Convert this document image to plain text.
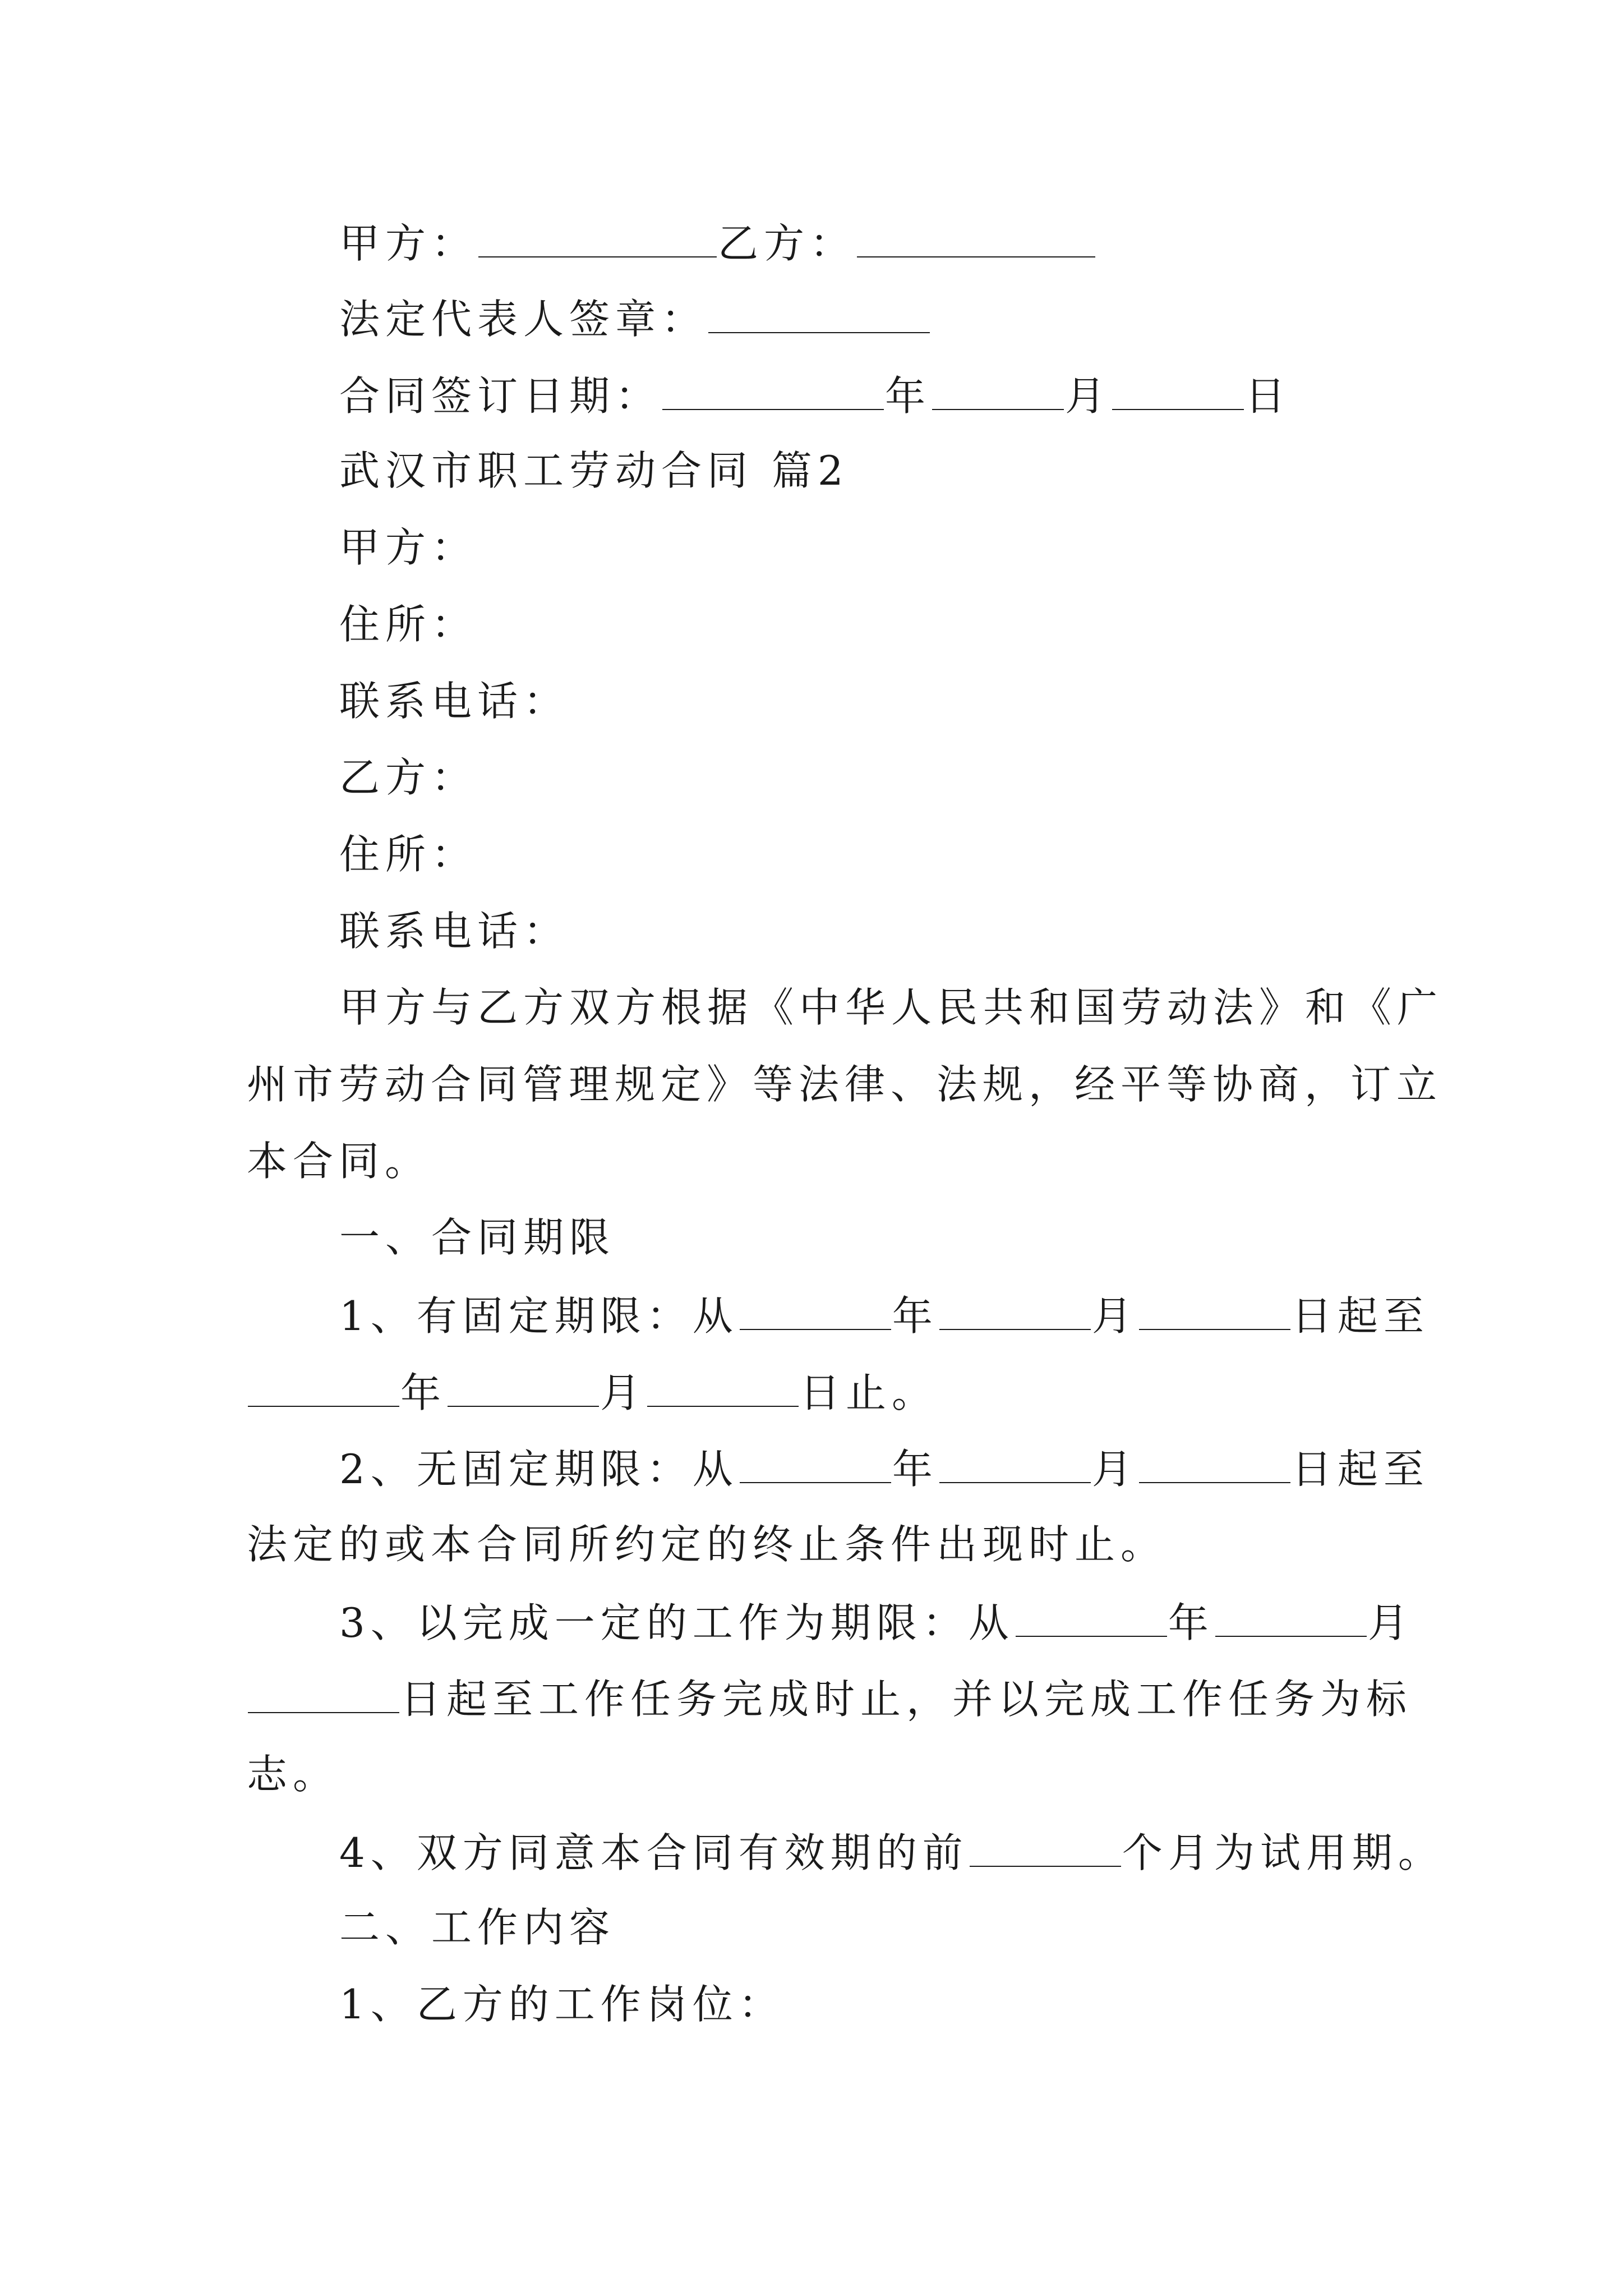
甲方：	乙方：
法定代表人签章：
合同签订日期：	年	月	日
武汉市职工劳动合同 篇2
甲方：
住所：
联系电话：
乙方：
住所：
联系电话：
甲方与乙方双方根据《中华人民共和国劳动法》和《广
州市劳动合同管理规定》等法律、法规，经平等协商，订立
本合同。
一、合同期限
1、有固定期限：从	年	月	日起至
年	月	日止。
2、无固定期限：从	年	月	日起至
法定的或本合同所约定的终止条件出现时止。
3、以完成一定的工作为期限：从	年	月
日起至工作任务完成时止，并以完成工作任务为标
志。
4、双方同意本合同有效期的前	个月为试用期。
二、工作内容
1、乙方的工作岗位：
